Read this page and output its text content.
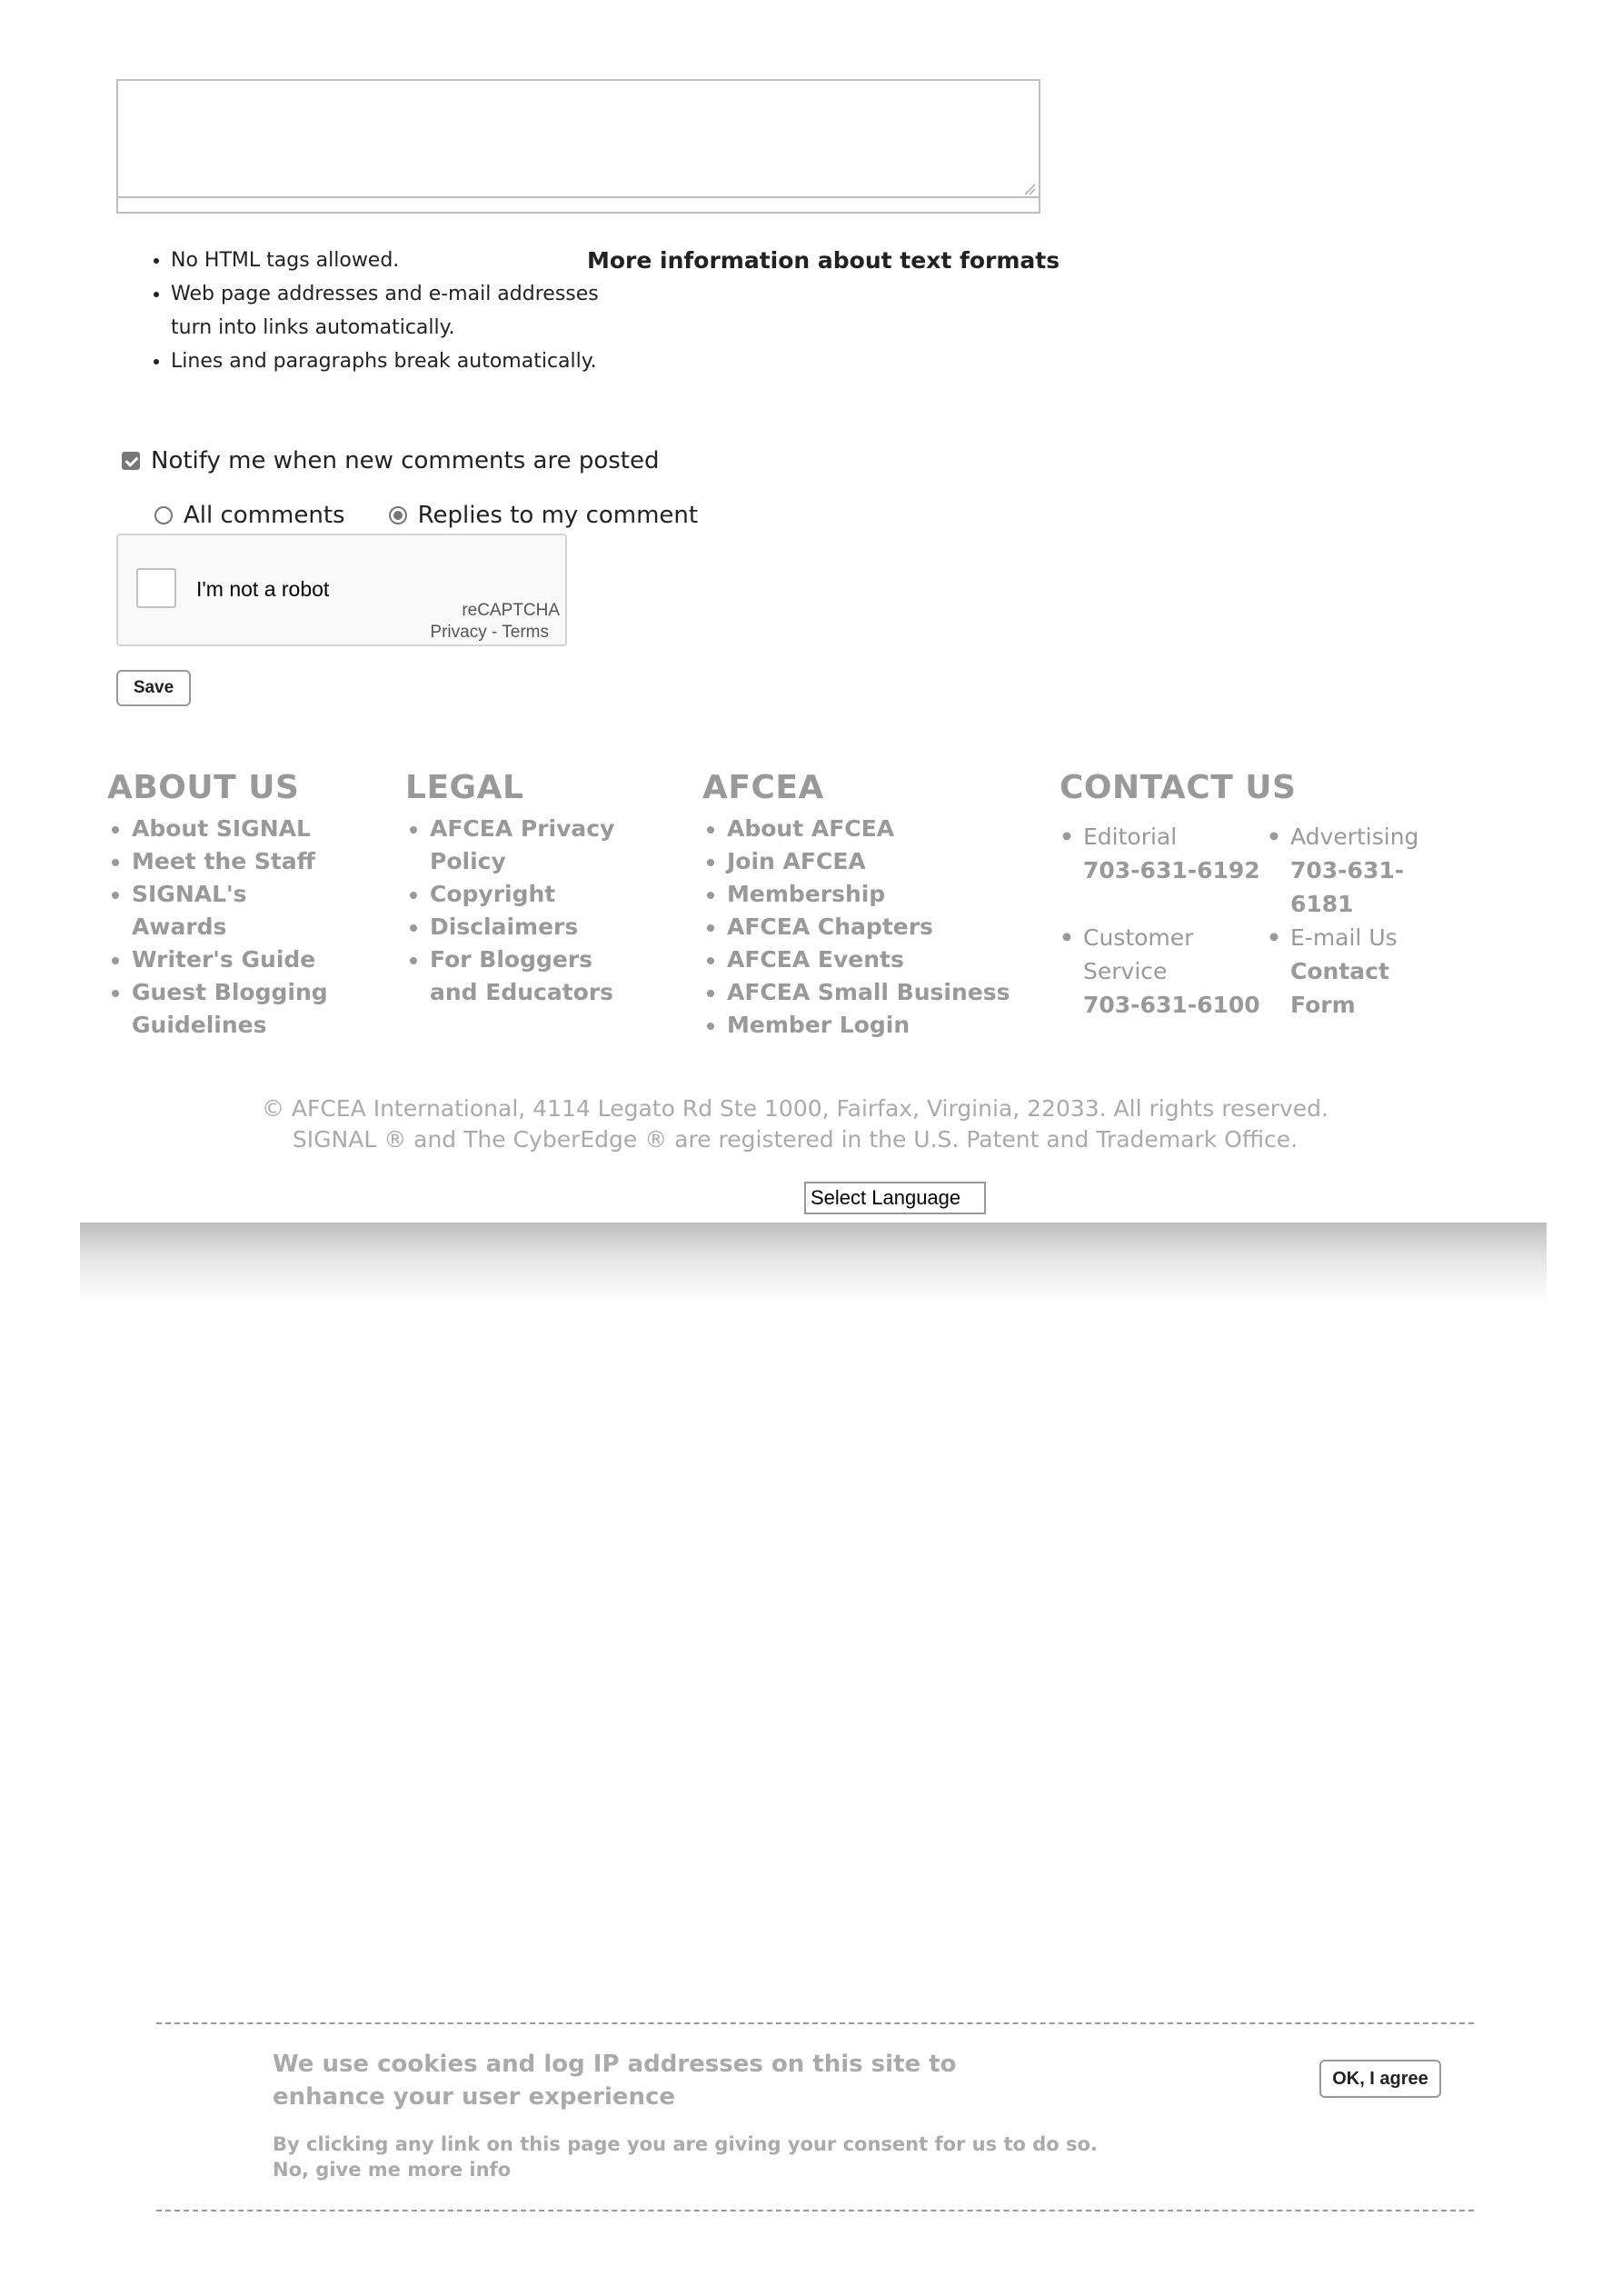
• No HTML tags allowed.
• Web page addresses and e-mail addresses turn into links automatically.
• Lines and paragraphs break automatically.
More information about text formats
Notify me when new comments are posted
All comments	Replies to my comment
I'm not a robot
reCAPTCHA
Privacy - Terms
Save
ABOUT US
• About SIGNAL
• Meet the Staff
• SIGNAL's Awards
• Writer's Guide
• Guest Blogging Guidelines
LEGAL
• AFCEA Privacy Policy
• Copyright
• Disclaimers
• For Bloggers and Educators
AFCEA
• About AFCEA
• Join AFCEA
• Membership
• AFCEA Chapters
• AFCEA Events
• AFCEA Small Business
• Member Login
CONTACT US
• Editorial
703-631-6192
• Advertising
703-631-6181
• Customer Service
703-631-6100
• E-mail Us
Contact Form
© AFCEA International, 4114 Legato Rd Ste 1000, Fairfax, Virginia, 22033. All rights reserved.
SIGNAL ® and The CyberEdge ® are registered in the U.S. Patent and Trademark Office.
Select Language
We use cookies and log IP addresses on this site to enhance your user experience
By clicking any link on this page you are giving your consent for us to do so.
No, give me more info
OK, I agree
